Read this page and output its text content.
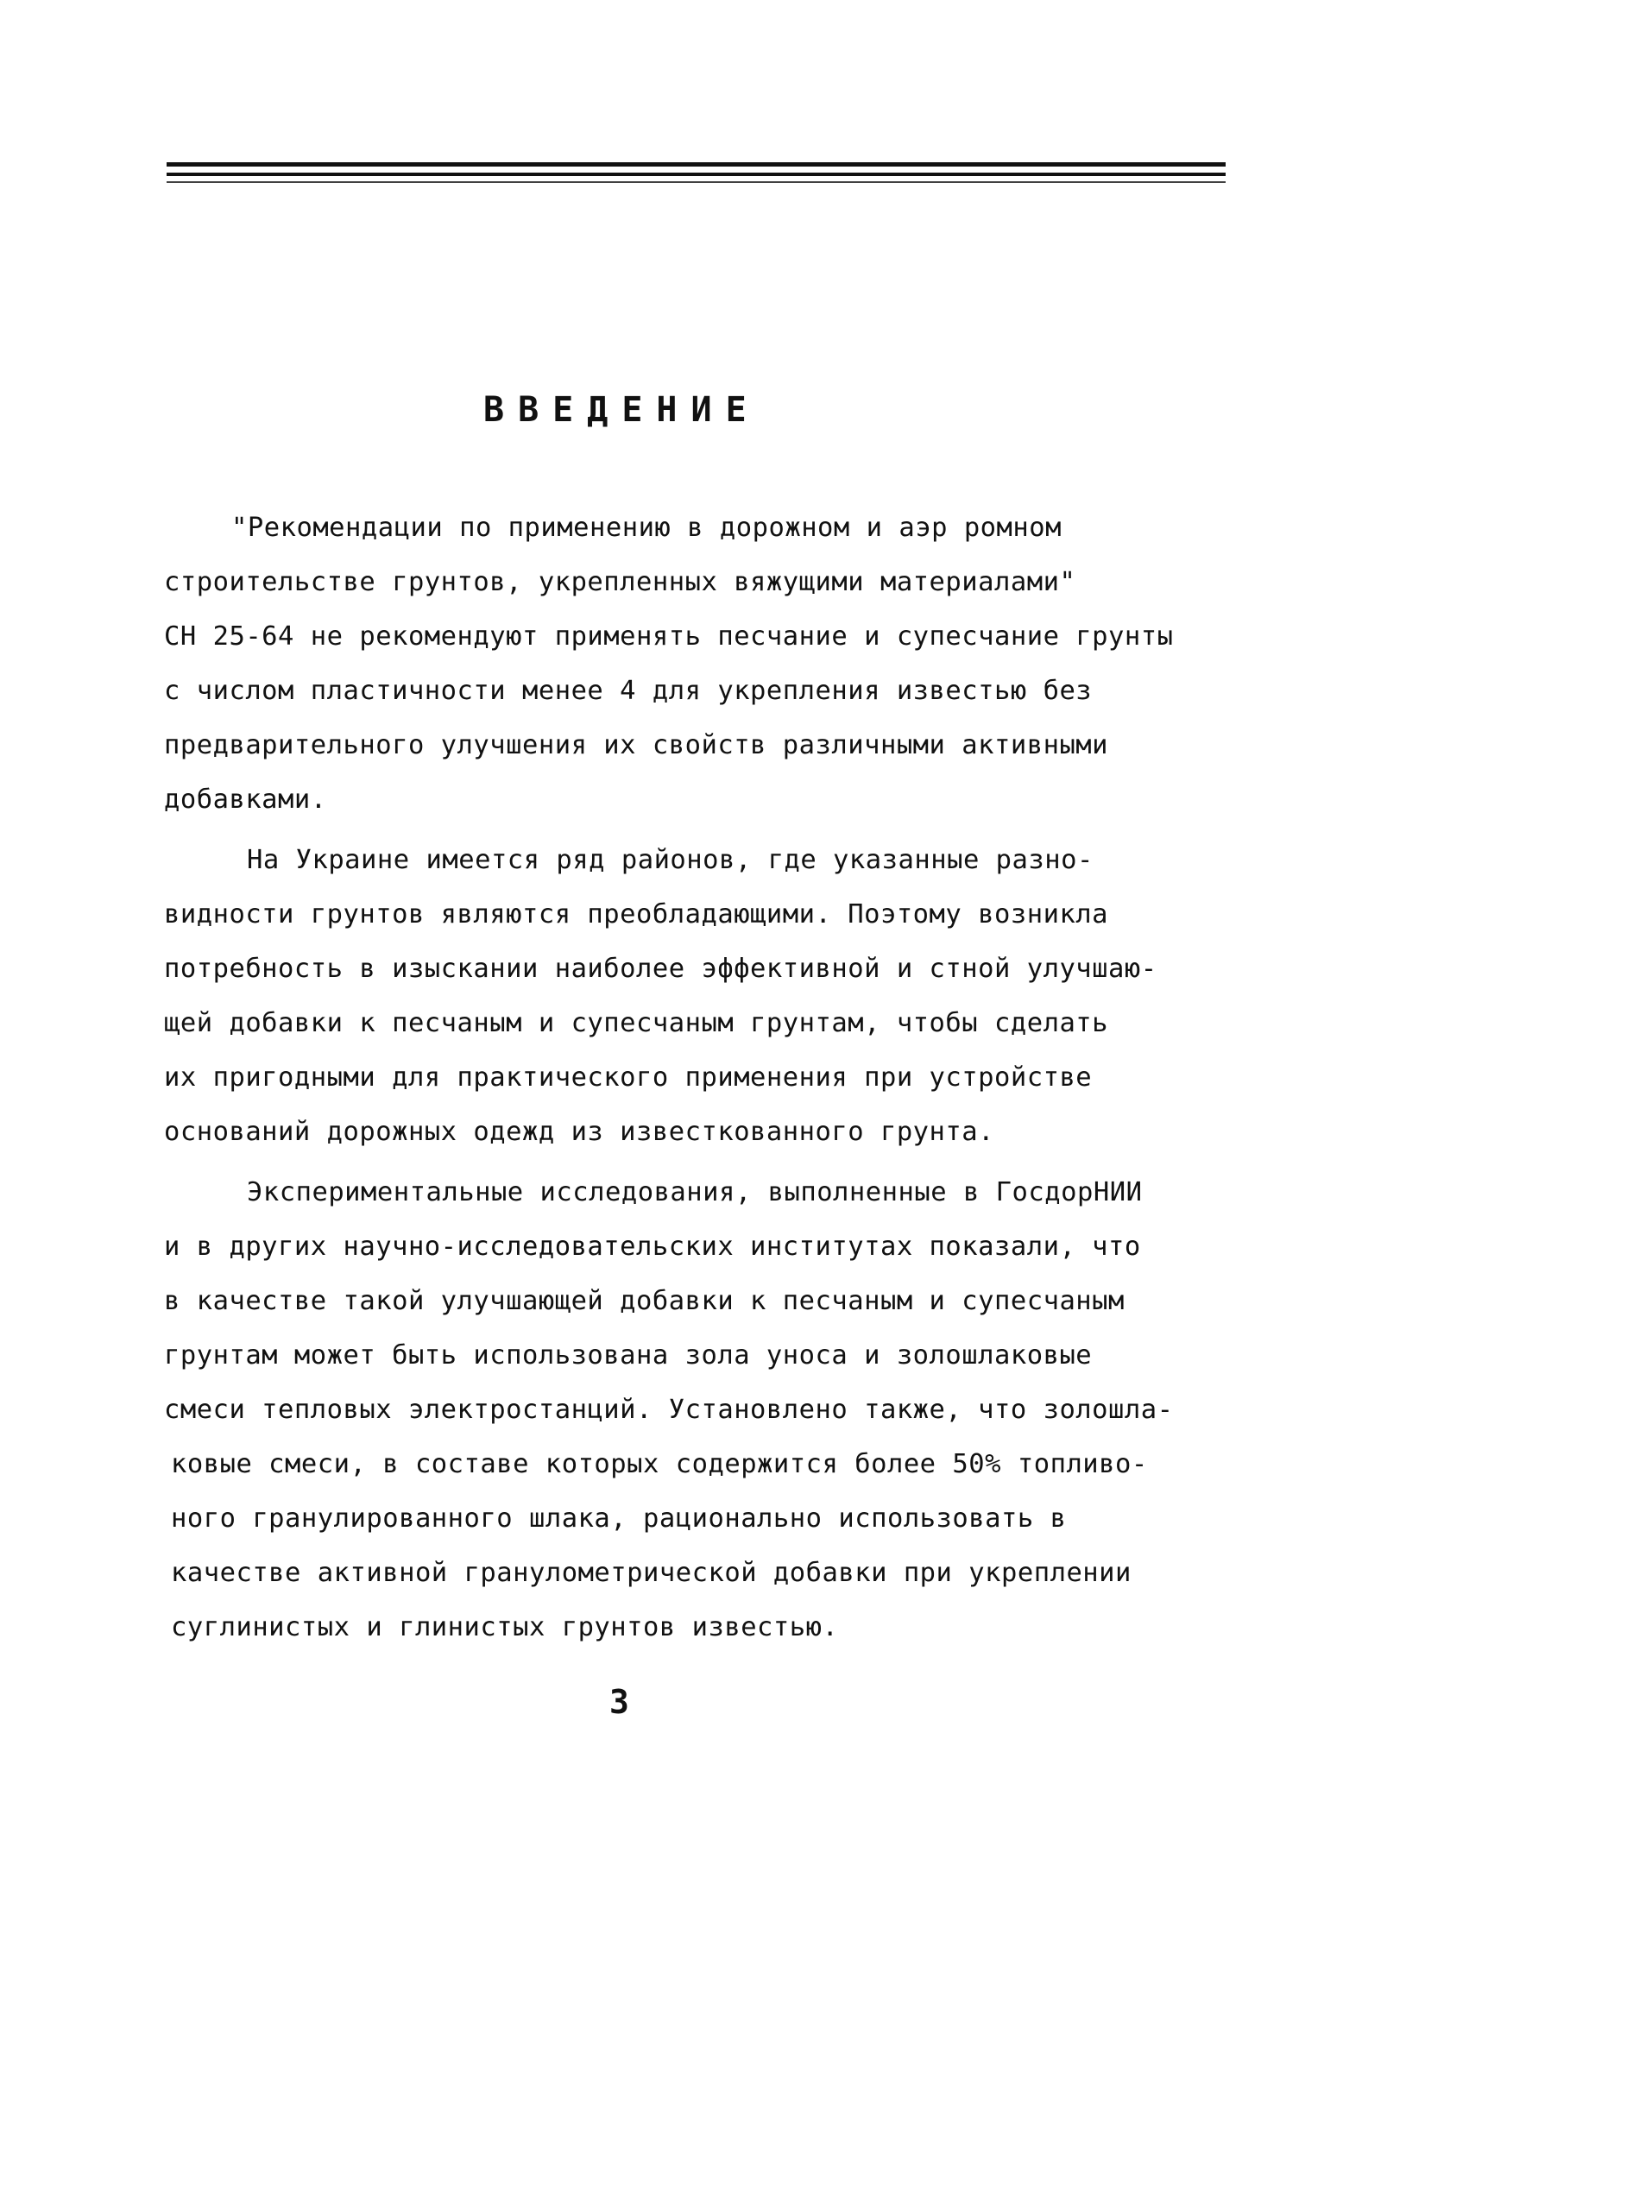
ВВЕДЕНИЕ
"Рекомендации по применению в дорожном и аэр ромном
строительстве грунтов, укрепленных вяжущими материалами"
СН 25-64 не рекомендуют применять песчание и супесчание грунты
с числом пластичности менее 4 для укрепления известью без
предварительного улучшения их свойств различными активными
добавками.
На Украине имеется ряд районов, где указанные разно-
видности грунтов являются преобладающими. Поэтому возникла
потребность в изыскании наиболее эффективной и стной улучшаю-
щей добавки к песчаным и супесчаным грунтам, чтобы сделать
их пригодными для практического применения при устройстве
оснований дорожных одежд из известкованного грунта.
Экспериментальные исследования, выполненные в ГосдорНИИ
и в других научно-исследовательских институтах показали, что
в качестве такой улучшающей добавки к песчаным и супесчаным
грунтам может быть использована зола уноса и золошлаковые
смеси тепловых электростанций. Установлено также, что золошла-
ковые смеси, в составе которых содержится более 50% топливо-
ного гранулированного шлака, рационально использовать в
качестве активной гранулометрической добавки при укреплении
суглинистых и глинистых грунтов известью.
3
